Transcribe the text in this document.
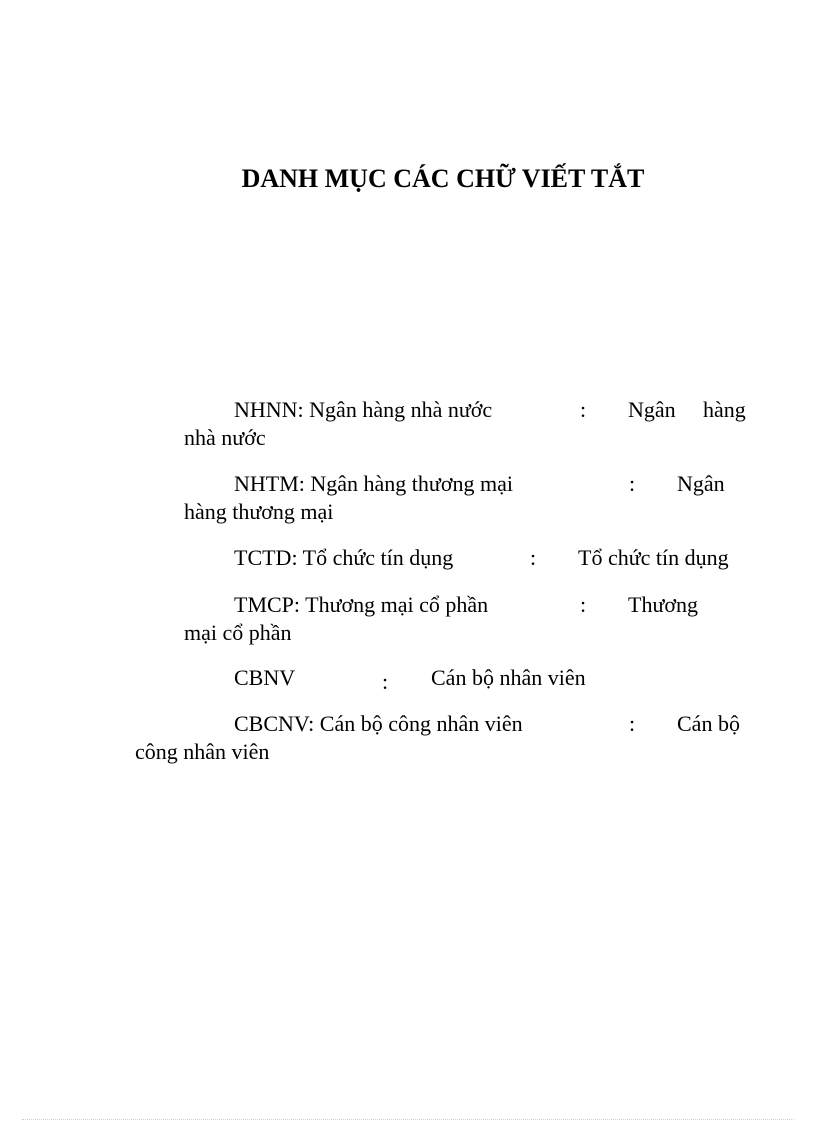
DANH MỤC CÁC CHỮ VIẾT TẮT
NHNN: Ngân hàng nhà nước	: Ngân hàng
nhà nước
NHTM: Ngân hàng thương mại	: Ngân
hàng thương mại
TCTD: Tổ chức tín dụng	: Tổ chức tín dụng
TMCP: Thương mại cổ phần	: Thương
mại cổ phần
CBNV	: Cán bộ nhân viên
CBCNV: Cán bộ công nhân viên	: Cán bộ
công nhân viên
